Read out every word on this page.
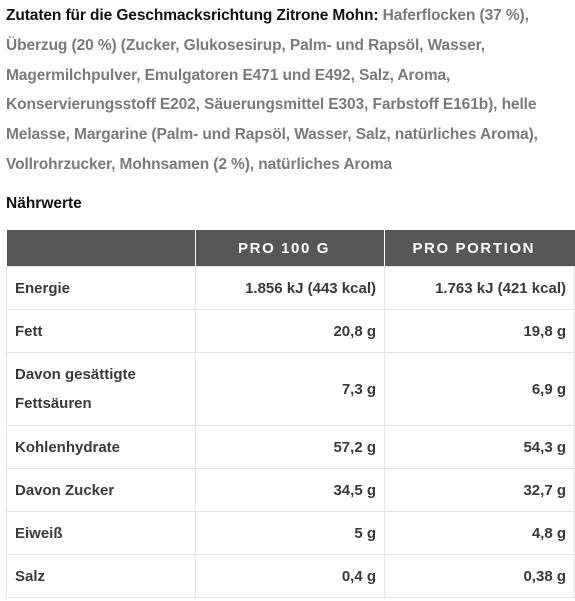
Zutaten für die Geschmacksrichtung Zitrone Mohn: Haferflocken (37 %), Überzug (20 %) (Zucker, Glukosesirup, Palm- und Rapsöl, Wasser, Magermilchpulver, Emulgatoren E471 und E492, Salz, Aroma, Konservierungsstoff E202, Säuerungsmittel E303, Farbstoff E161b), helle Melasse, Margarine (Palm- und Rapsöl, Wasser, Salz, natürliches Aroma), Vollrohrzucker, Mohnsamen (2 %), natürliches Aroma

Nährwerte
	PRO 100 G	PRO PORTION
Energie	1.856 kJ (443 kcal)	1.763 kJ (421 kcal)
Fett	20,8 g	19,8 g
Davon gesättigte Fettsäuren	7,3 g	6,9 g
Kohlenhydrate	57,2 g	54,3 g
Davon Zucker	34,5 g	32,7 g
Eiweiß	5 g	4,8 g
Salz	0,4 g	0,38 g
